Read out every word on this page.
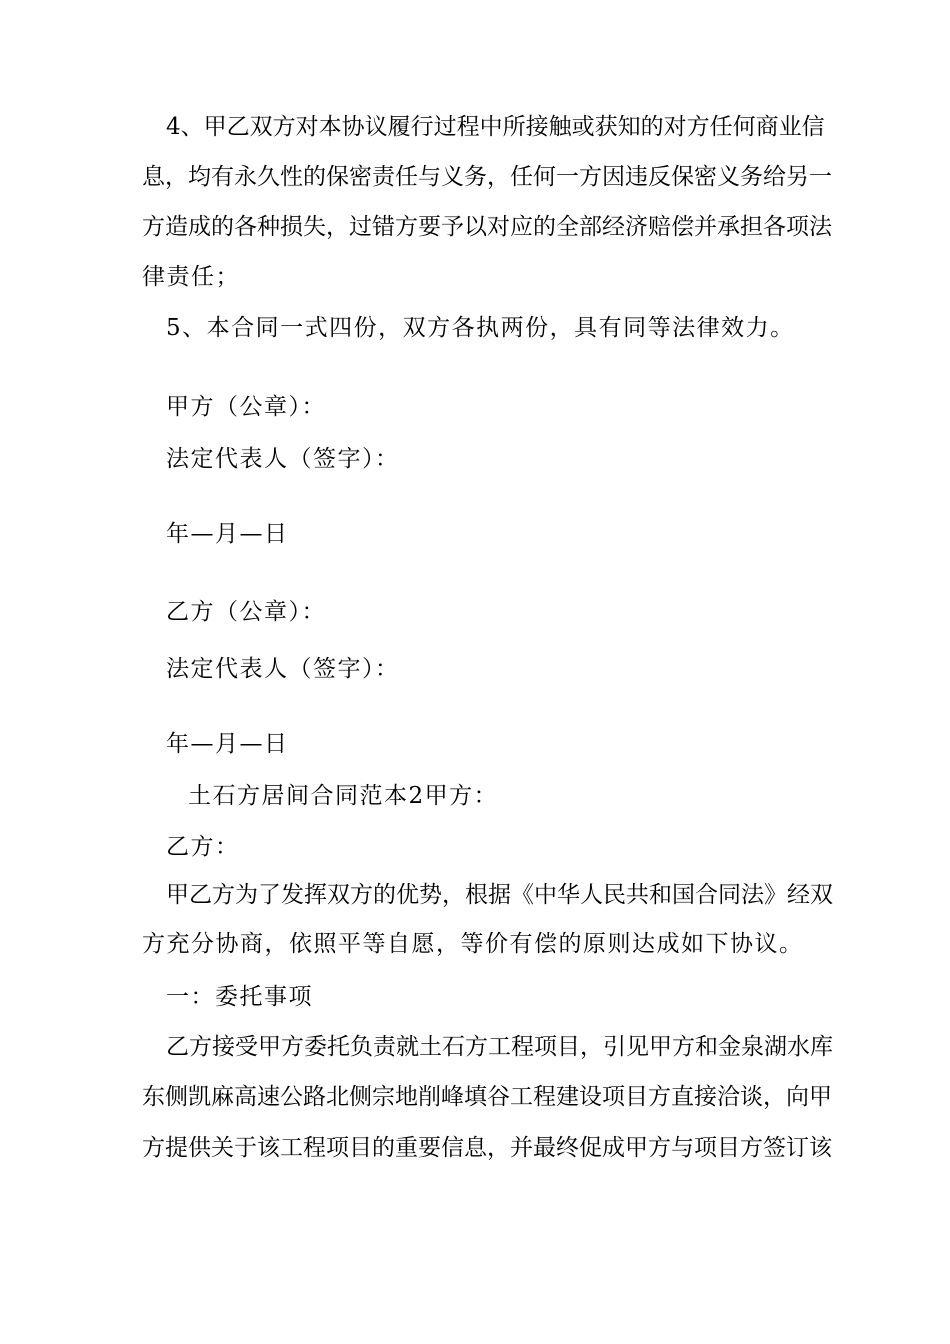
4、甲乙双方对本协议履行过程中所接触或获知的对方任何商业信
息，均有永久性的保密责任与义务，任何一方因违反保密义务给另一
方造成的各种损失，过错方要予以对应的全部经济赔偿并承担各项法
律责任；
5、本合同一式四份，双方各执两份，具有同等法律效力。
甲方（公章）：
法定代表人（签字）：
年—月—日
乙方（公章）：
法定代表人（签字）：
年—月—日
土石方居间合同范本2甲方：
乙方：
甲乙方为了发挥双方的优势，根据《中华人民共和国合同法》经双
方充分协商，依照平等自愿，等价有偿的原则达成如下协议。
一：委托事项
乙方接受甲方委托负责就土石方工程项目，引见甲方和金泉湖水库
东侧凯麻高速公路北侧宗地削峰填谷工程建设项目方直接洽谈，向甲
方提供关于该工程项目的重要信息，并最终促成甲方与项目方签订该
